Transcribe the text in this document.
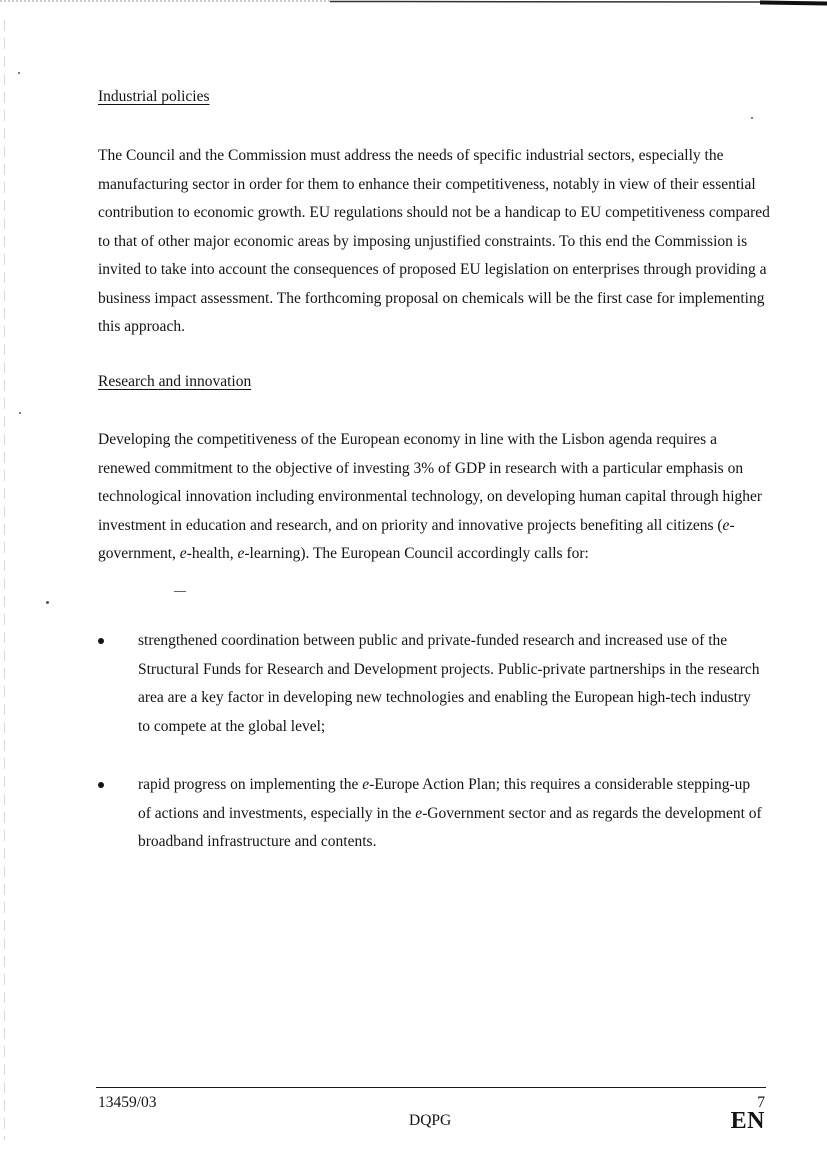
Industrial policies

The Council and the Commission must address the needs of specific industrial sectors, especially the manufacturing sector in order for them to enhance their competitiveness, notably in view of their essential contribution to economic growth. EU regulations should not be a handicap to EU competitiveness compared to that of other major economic areas by imposing unjustified constraints. To this end the Commission is invited to take into account the consequences of proposed EU legislation on enterprises through providing a business impact assessment. The forthcoming proposal on chemicals will be the first case for implementing this approach.

Research and innovation

Developing the competitiveness of the European economy in line with the Lisbon agenda requires a renewed commitment to the objective of investing 3% of GDP in research with a particular emphasis on technological innovation including environmental technology, on developing human capital through higher investment in education and research, and on priority and innovative projects benefiting all citizens (e-government, e-health, e-learning). The European Council accordingly calls for:

strengthened coordination between public and private-funded research and increased use of the Structural Funds for Research and Development projects. Public-private partnerships in the research area are a key factor in developing new technologies and enabling the European high-tech industry to compete at the global level;

rapid progress on implementing the e-Europe Action Plan; this requires a considerable stepping-up of actions and investments, especially in the e-Government sector and as regards the development of broadband infrastructure and contents.

13459/03
DQPG
7
EN
